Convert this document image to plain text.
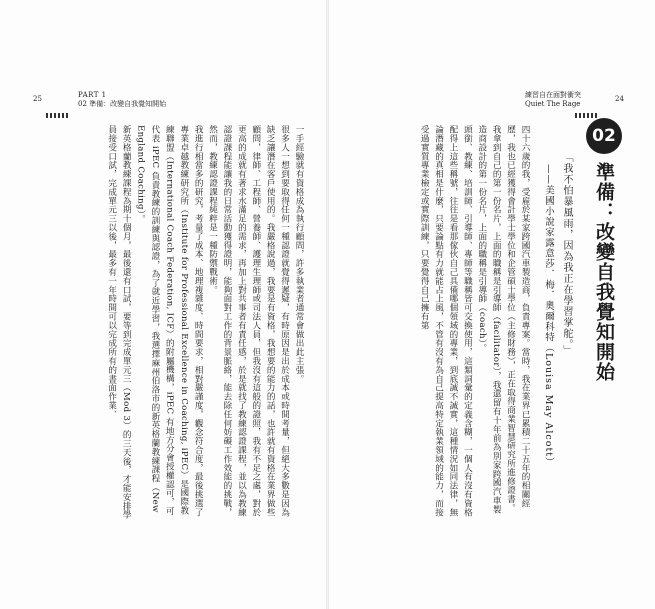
25	PART 1
02 準備：改變自我覺知開始
練習自在面對衝突
Quiet The Rage
24
02
準備：改變自我覺知開始
「我不怕暴風雨，因為我正在學習掌舵。」
——美國小說家露意莎．梅．奧爾科特（Louisa May Alcott）

四十六歲的我，受雇於某家跨國汽車製造商，負責專案。當時，我在業界已累積二十五年的相關經歷，我也已經獲得會計學士學位和企管碩士學位（主修財務），正在取得商業智慧研究所進修證書。我拿到自己的第一份名片，上面的職稱是引導師（facilitator），我還留有十年前為別家跨國汽車製造商設計的第一份名片，上面的職稱是引導師（coach）。

頭銜、教練、培訓師、引導師、專師等職稱皆可交換使用，這類詞彙的定義含糊，一個人有沒有資格配得上這些稱號，往往是看那傢伙自己具備哪個領域的專業，到底誠不誠實，這種情況如同法律，無論潛藏的真相是什麼，只要論點有力就能占上風，不管有沒有為自己提高特定執業領域的能力，而接受過實質專業檢定或實際訓練，只要覺得自己擁有第

一手經驗就有資格成為執行顧問，許多執業者通常會做出此主張。

很多人一想到要取得任何一種認證就覺得遲疑，有時原因是出於成本或時間考量，但絕大多數是因為缺乏讓潛在客戶使用的。我嚴格說過，我要是有資格，我想要的能力的話，也許就有資格在業界做些顧問，律師、工程師、營養師、護理生理師或司法人員，但我沒有這般的證照，我有不足之處，對於更高的成就有著求水滿足的需求，再加上對共事者有責任感，於是就找了教練認證課程，並以為教練認證課程能讓我的日常活動獲得證明，能夠面對工作的背景脈絡，能去除任何妨礙工作效能的挑戰，然而，教練認證課程純粹是一種防禦戰術。

我進行相當多的研究，考量了成本、地理複雜度、時間要求，相對嚴謹度，觀念符合度，最後挑選了專業卓越教練研究所（Institute for Professional Excellence in Coaching, iPEC）是國際教練聯盟（International Coach Federation, ICF）的附屬機構，iPEC 有地方分會授權認可，可代表 iPEC 負責教練的訓練與認證，為了就近學習，我選擇麻州伯洛市的新英格蘭教練課程（New England Coaching）。

新英格蘭教練課程為期十個月，最後還有口試，要等到完成單元三（Mod 3）的三天後，才能安排學員接受口試，完成單元三以後，最多有一年時間可以完成所有的書面作業、
